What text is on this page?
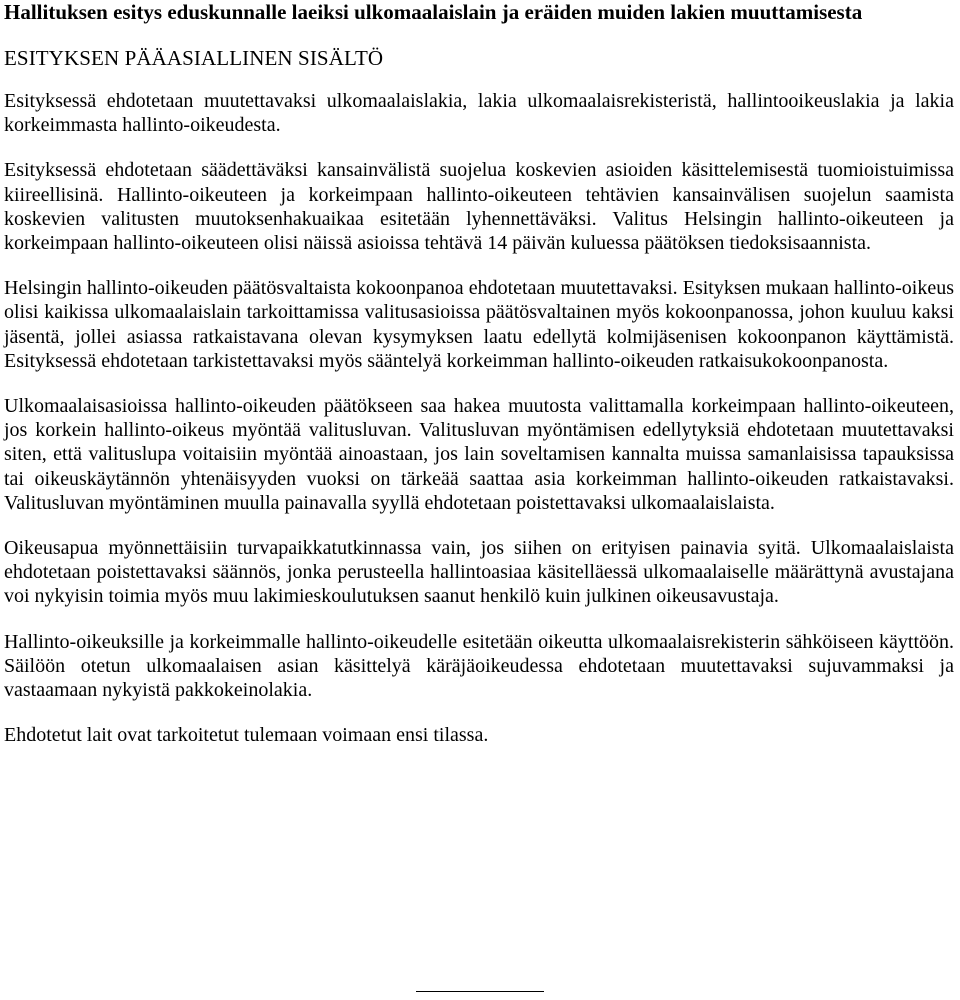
Hallituksen esitys eduskunnalle laeiksi ulkomaalaislain ja eräiden muiden lakien muuttamisesta
ESITYKSEN PÄÄASIALLINEN SISÄLTÖ

Esityksessä ehdotetaan muutettavaksi ulkomaalaislakia, lakia ulkomaalaisrekisteristä, hallintooikeuslakia ja lakia korkeimmasta hallinto-oikeudesta.

Esityksessä ehdotetaan säädettäväksi kansainvälistä suojelua koskevien asioiden käsittelemisestä tuomioistuimissa kiireellisinä. Hallinto-oikeuteen ja korkeimpaan hallinto-oikeuteen tehtävien kansainvälisen suojelun saamista koskevien valitusten muutoksenhakuaikaa esitetään lyhennettäväksi. Valitus Helsingin hallinto-oikeuteen ja korkeimpaan hallinto-oikeuteen olisi näissä asioissa tehtävä 14 päivän kuluessa päätöksen tiedoksisaannista.

Helsingin hallinto-oikeuden päätösvaltaista kokoonpanoa ehdotetaan muutettavaksi. Esityksen mukaan hallinto-oikeus olisi kaikissa ulkomaalaislain tarkoittamissa valitusasioissa päätösvaltainen myös kokoonpanossa, johon kuuluu kaksi jäsentä, jollei asiassa ratkaistavana olevan kysymyksen laatu edellytä kolmijäsenisen kokoonpanon käyttämistä. Esityksessä ehdotetaan tarkistettavaksi myös sääntelyä korkeimman hallinto-oikeuden ratkaisukokoonpanosta.

Ulkomaalaisasioissa hallinto-oikeuden päätökseen saa hakea muutosta valittamalla korkeimpaan hallinto-oikeuteen, jos korkein hallinto-oikeus myöntää valitusluvan. Valitusluvan myöntämisen edellytyksiä ehdotetaan muutettavaksi siten, että valituslupa voitaisiin myöntää ainoastaan, jos lain soveltamisen kannalta muissa samanlaisissa tapauksissa tai oikeuskäytännön yhtenäisyyden vuoksi on tärkeää saattaa asia korkeimman hallinto-oikeuden ratkaistavaksi. Valitusluvan myöntäminen muulla painavalla syyllä ehdotetaan poistettavaksi ulkomaalaislaista.

Oikeusapua myönnettäisiin turvapaikkatutkinnassa vain, jos siihen on erityisen painavia syitä. Ulkomaalaislaista ehdotetaan poistettavaksi säännös, jonka perusteella hallintoasiaa käsitelläessä ulkomaalaiselle määrättynä avustajana voi nykyisin toimia myös muu lakimieskoulutuksen saanut henkilö kuin julkinen oikeusavustaja.

Hallinto-oikeuksille ja korkeimmalle hallinto-oikeudelle esitetään oikeutta ulkomaalaisrekisterin sähköiseen käyttöön. Säilöön otetun ulkomaalaisen asian käsittelyä käräjäoikeudessa ehdotetaan muutettavaksi sujuvammaksi ja vastaamaan nykyistä pakkokeinolakia.

Ehdotetut lait ovat tarkoitetut tulemaan voimaan ensi tilassa.
